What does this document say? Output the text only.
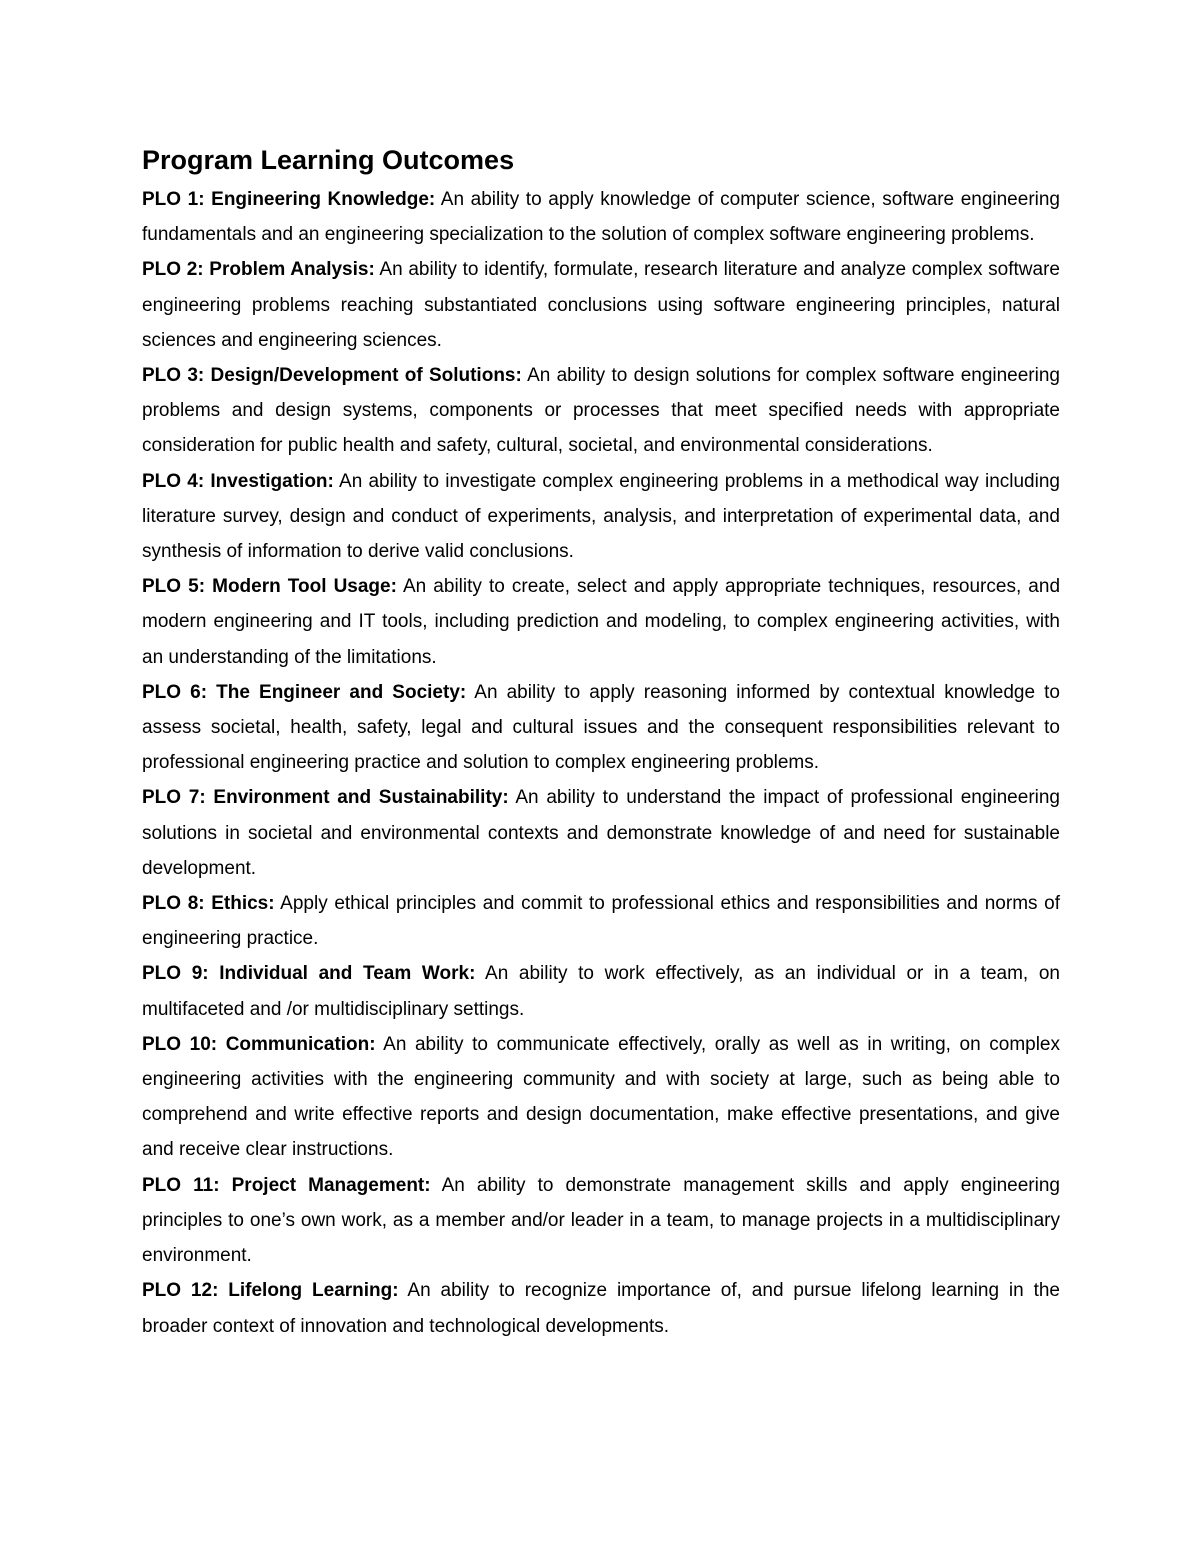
Program Learning Outcomes

PLO 1: Engineering Knowledge: An ability to apply knowledge of computer science, software engineering fundamentals and an engineering specialization to the solution of complex software engineering problems.

PLO 2: Problem Analysis: An ability to identify, formulate, research literature and analyze complex software engineering problems reaching substantiated conclusions using software engineering principles, natural sciences and engineering sciences.

PLO 3: Design/Development of Solutions: An ability to design solutions for complex software engineering problems and design systems, components or processes that meet specified needs with appropriate consideration for public health and safety, cultural, societal, and environmental considerations.

PLO 4: Investigation: An ability to investigate complex engineering problems in a methodical way including literature survey, design and conduct of experiments, analysis, and interpretation of experimental data, and synthesis of information to derive valid conclusions.

PLO 5: Modern Tool Usage: An ability to create, select and apply appropriate techniques, resources, and modern engineering and IT tools, including prediction and modeling, to complex engineering activities, with an understanding of the limitations.

PLO 6: The Engineer and Society: An ability to apply reasoning informed by contextual knowledge to assess societal, health, safety, legal and cultural issues and the consequent responsibilities relevant to professional engineering practice and solution to complex engineering problems.

PLO 7: Environment and Sustainability: An ability to understand the impact of professional engineering solutions in societal and environmental contexts and demonstrate knowledge of and need for sustainable development.

PLO 8: Ethics: Apply ethical principles and commit to professional ethics and responsibilities and norms of engineering practice.

PLO 9: Individual and Team Work: An ability to work effectively, as an individual or in a team, on multifaceted and /or multidisciplinary settings.

PLO 10: Communication: An ability to communicate effectively, orally as well as in writing, on complex engineering activities with the engineering community and with society at large, such as being able to comprehend and write effective reports and design documentation, make effective presentations, and give and receive clear instructions.

PLO 11: Project Management: An ability to demonstrate management skills and apply engineering principles to one’s own work, as a member and/or leader in a team, to manage projects in a multidisciplinary environment.

PLO 12: Lifelong Learning: An ability to recognize importance of, and pursue lifelong learning in the broader context of innovation and technological developments.
